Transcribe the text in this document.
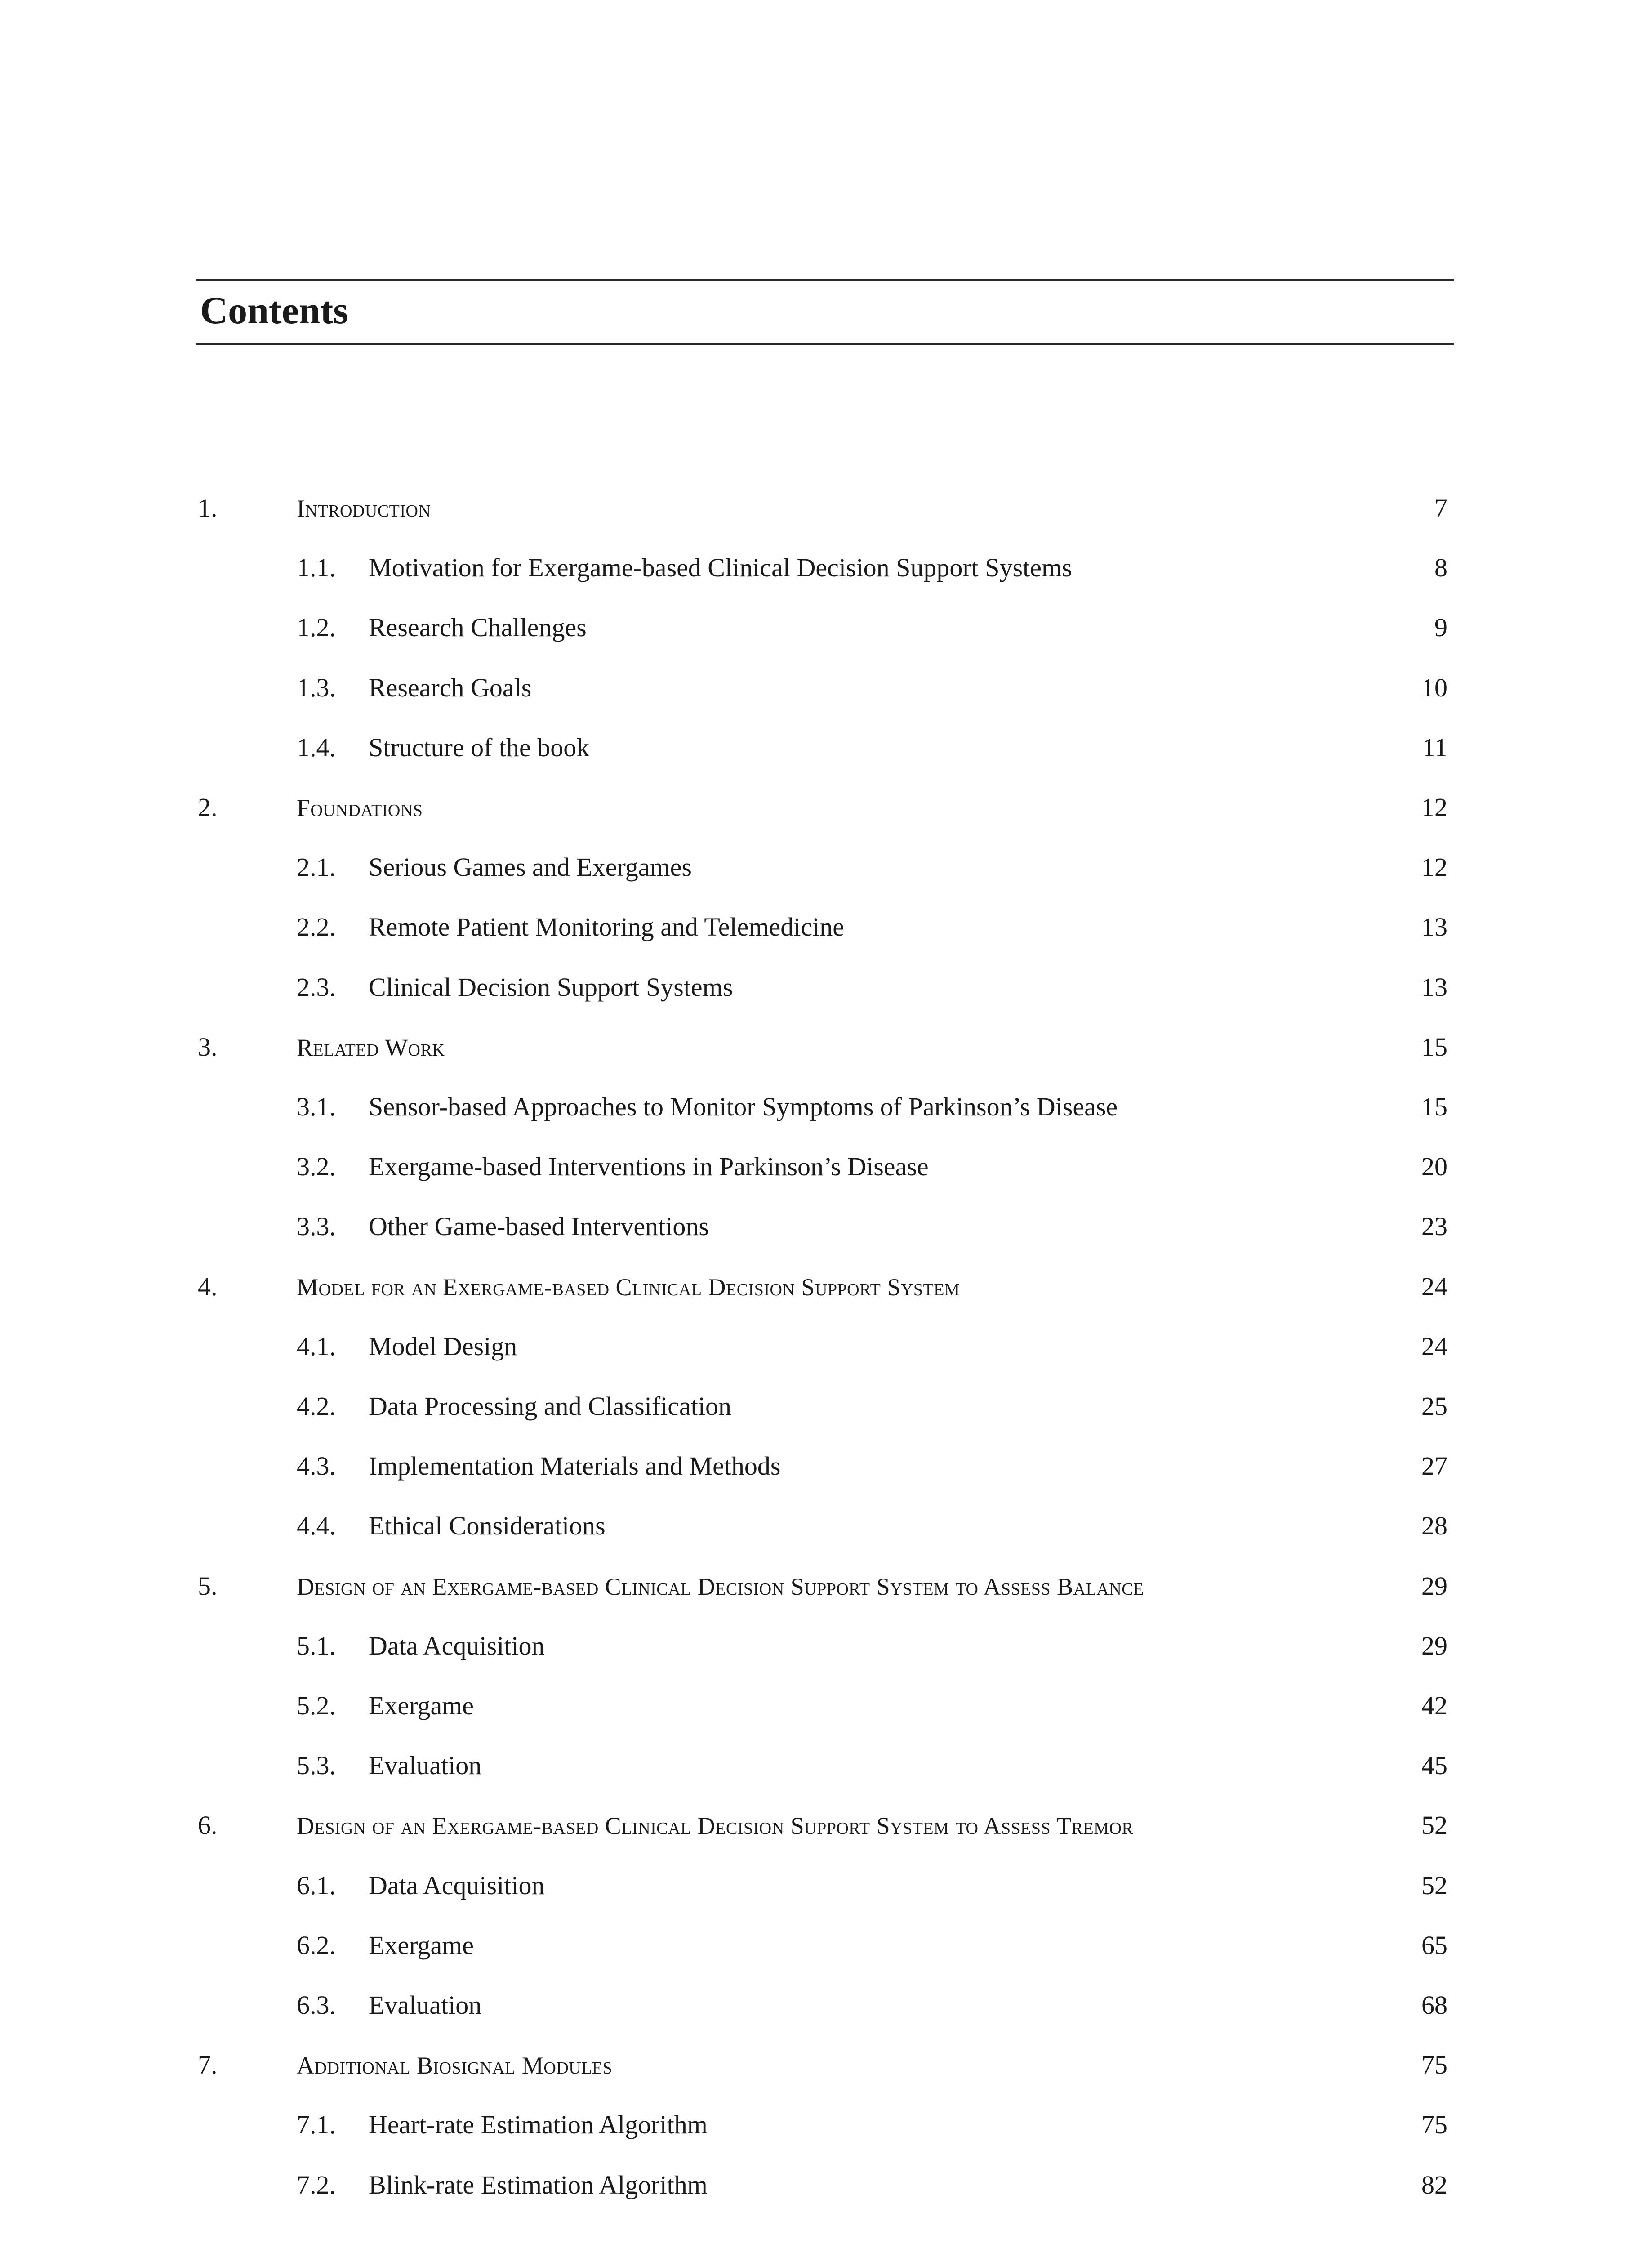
Contents
1.	Introduction .....	7
1.1.	Motivation for Exergame-based Clinical Decision Support Systems .....	8
1.2.	Research Challenges .....	9
1.3.	Research Goals .....	10
1.4.	Structure of the book .....	11
2.	Foundations .....	12
2.1.	Serious Games and Exergames .....	12
2.2.	Remote Patient Monitoring and Telemedicine .....	13
2.3.	Clinical Decision Support Systems .....	13
3.	Related Work .....	15
3.1.	Sensor-based Approaches to Monitor Symptoms of Parkinson’s Disease .....	15
3.2.	Exergame-based Interventions in Parkinson’s Disease .....	20
3.3.	Other Game-based Interventions .....	23
4.	Model for an Exergame-based Clinical Decision Support System .....	24
4.1.	Model Design .....	24
4.2.	Data Processing and Classification .....	25
4.3.	Implementation Materials and Methods .....	27
4.4.	Ethical Considerations .....	28
5.	Design of an Exergame-based Clinical Decision Support System to Assess Balance .....	29
5.1.	Data Acquisition .....	29
5.2.	Exergame .....	42
5.3.	Evaluation .....	45
6.	Design of an Exergame-based Clinical Decision Support System to Assess Tremor .....	52
6.1.	Data Acquisition .....	52
6.2.	Exergame .....	65
6.3.	Evaluation .....	68
7.	Additional Biosignal Modules .....	75
7.1.	Heart-rate Estimation Algorithm .....	75
7.2.	Blink-rate Estimation Algorithm .....	82
